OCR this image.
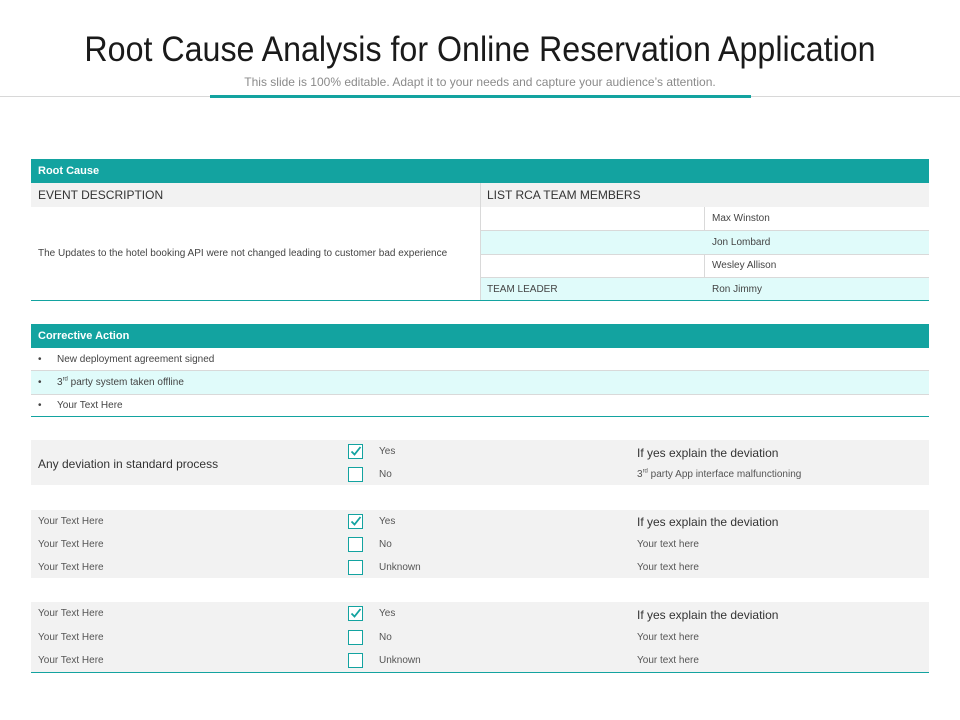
Root Cause Analysis for Online Reservation Application
This slide is 100% editable. Adapt it to your needs and capture your audience’s attention.
Root Cause
EVENT DESCRIPTION	LIST RCA TEAM MEMBERS
The Updates to the hotel booking API were not changed leading to customer bad experience
Max Winston
Jon Lombard
Wesley Allison
TEAM LEADER	Ron Jimmy
Corrective Action
• New deployment agreement signed
• 3rd party system taken offline
• Your Text Here
Any deviation in standard process
Yes
No
If yes explain the deviation
3rd party App interface malfunctioning
Your Text Here
Your Text Here
Your Text Here
Yes
No
Unknown
If yes explain the deviation
Your text here
Your text here
Your Text Here
Your Text Here
Your Text Here
Yes
No
Unknown
If yes explain the deviation
Your text here
Your text here
